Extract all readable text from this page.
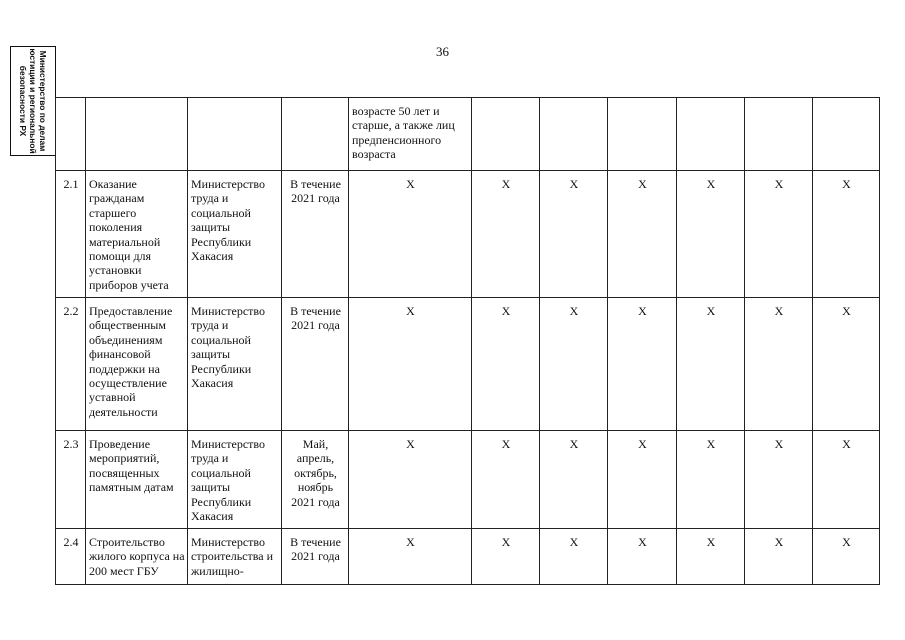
36
Министерство по делам
юстиции и региональной
безопасности РХ
					возрасте 50 лет и старше, а также лиц предпенсионного возраста						
2.1	Оказание гражданам старшего поколения материальной помощи для установки приборов учета	Министерство труда и социальной защиты Республики Хакасия	В течение 2021 года	X	X	X	X	X	X	X
2.2	Предоставление общественным объединениям финансовой поддержки на осуществление уставной деятельности	Министерство труда и социальной защиты Республики Хакасия	В течение 2021 года	X	X	X	X	X	X	X
2.3	Проведение мероприятий, посвященных памятным датам	Министерство труда и социальной защиты Республики Хакасия	Май, апрель, октябрь, ноябрь 2021 года	X	X	X	X	X	X	X
2.4	Строительство жилого корпуса на 200 мест ГБУ	Министерство строительства и жилищно-	В течение 2021 года	X	X	X	X	X	X	X
